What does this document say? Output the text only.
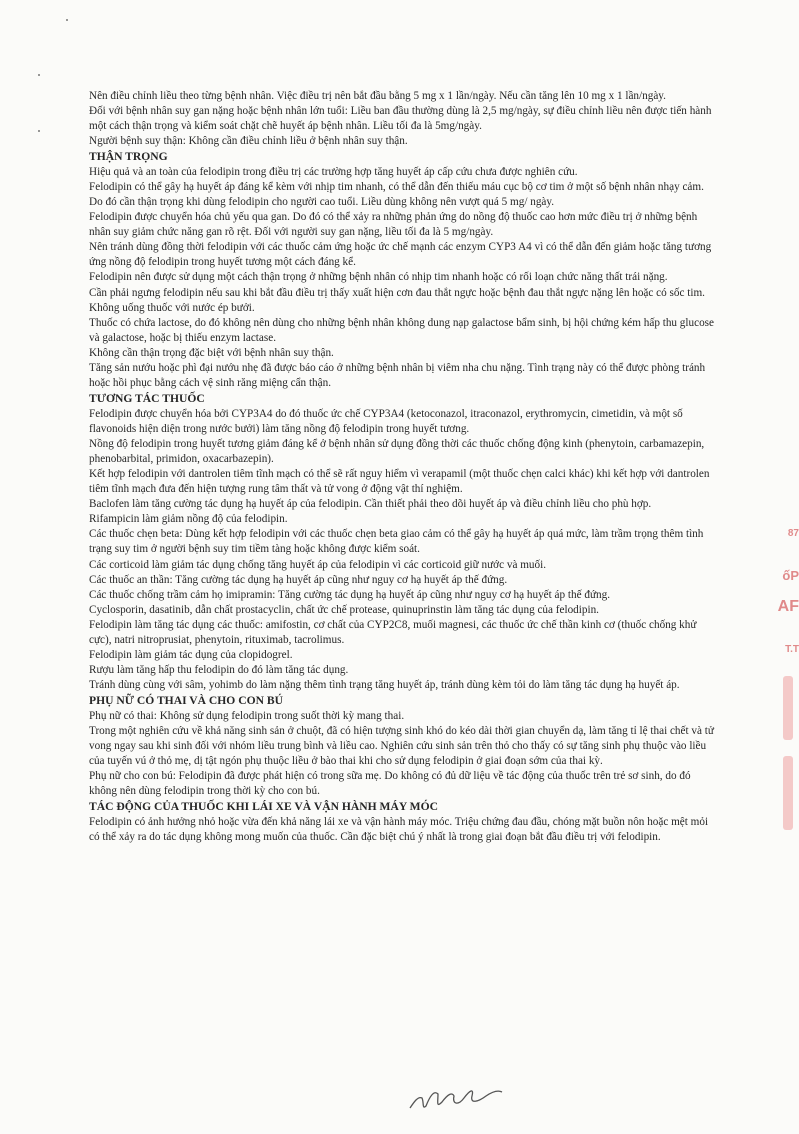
Nên điều chỉnh liều theo từng bệnh nhân. Việc điều trị nên bắt đầu bằng 5 mg x 1 lần/ngày. Nếu cần tăng lên 10 mg x 1 lần/ngày.

Đối với bệnh nhân suy gan nặng hoặc bệnh nhân lớn tuổi: Liều ban đầu thường dùng là 2,5 mg/ngày, sự điều chỉnh liều nên được tiến hành một cách thận trọng và kiểm soát chặt chẽ huyết áp bệnh nhân. Liều tối đa là 5mg/ngày.

Người bệnh suy thận: Không cần điều chỉnh liều ở bệnh nhân suy thận.

THẬN TRỌNG

Hiệu quả và an toàn của felodipin trong điều trị các trường hợp tăng huyết áp cấp cứu chưa được nghiên cứu.

Felodipin có thể gây hạ huyết áp đáng kể kèm với nhịp tim nhanh, có thể dẫn đến thiếu máu cục bộ cơ tim ở một số bệnh nhân nhạy cảm. Do đó cần thận trọng khi dùng felodipin cho người cao tuổi. Liều dùng không nên vượt quá 5 mg/ ngày.

Felodipin được chuyển hóa chủ yếu qua gan. Do đó có thể xảy ra những phản ứng do nồng độ thuốc cao hơn mức điều trị ở những bệnh nhân suy giảm chức năng gan rõ rệt. Đối với người suy gan nặng, liều tối đa là 5 mg/ngày.

Nên tránh dùng đồng thời felodipin với các thuốc cảm ứng hoặc ức chế mạnh các enzym CYP3 A4 vì có thể dẫn đến giảm hoặc tăng tương ứng nồng độ felodipin trong huyết tương một cách đáng kể.

Felodipin nên được sử dụng một cách thận trọng ở những bệnh nhân có nhịp tim nhanh hoặc có rối loạn chức năng thất trái nặng.

Cần phải ngưng felodipin nếu sau khi bắt đầu điều trị thấy xuất hiện cơn đau thắt ngực hoặc bệnh đau thắt ngực nặng lên hoặc có sốc tim.

Không uống thuốc với nước ép bưởi.

Thuốc có chứa lactose, do đó không nên dùng cho những bệnh nhân không dung nạp galactose bẩm sinh, bị hội chứng kém hấp thu glucose và galactose, hoặc bị thiếu enzym lactase.

Không cần thận trọng đặc biệt với bệnh nhân suy thận.

Tăng sản nướu hoặc phì đại nướu nhẹ đã được báo cáo ở những bệnh nhân bị viêm nha chu nặng. Tình trạng này có thể được phòng tránh hoặc hồi phục bằng cách vệ sinh răng miệng cẩn thận.

TƯƠNG TÁC THUỐC

Felodipin được chuyển hóa bởi CYP3A4 do đó thuốc ức chế CYP3A4 (ketoconazol, itraconazol, erythromycin, cimetidin, và một số flavonoids hiện diện trong nước bưởi) làm tăng nồng độ felodipin trong huyết tương.

Nồng độ felodipin trong huyết tương giảm đáng kể ở bệnh nhân sử dụng đồng thời các thuốc chống động kinh (phenytoin, carbamazepin, phenobarbital, primidon, oxacarbazepin).

Kết hợp felodipin với dantrolen tiêm tĩnh mạch có thể sẽ rất nguy hiểm vì verapamil (một thuốc chẹn calci khác) khi kết hợp với dantrolen tiêm tĩnh mạch đưa đến hiện tượng rung tâm thất và tử vong ở động vật thí nghiệm.

Baclofen làm tăng cường tác dụng hạ huyết áp của felodipin. Cần thiết phải theo dõi huyết áp và điều chỉnh liều cho phù hợp.

Rifampicin làm giảm nồng độ của felodipin.

Các thuốc chẹn beta: Dùng kết hợp felodipin với các thuốc chẹn beta giao cảm có thể gây hạ huyết áp quá mức, làm trầm trọng thêm tình trạng suy tim ở người bệnh suy tim tiềm tàng hoặc không được kiểm soát.

Các corticoid làm giảm tác dụng chống tăng huyết áp của felodipin vì các corticoid giữ nước và muối.

Các thuốc an thần: Tăng cường tác dụng hạ huyết áp cũng như nguy cơ hạ huyết áp thế đứng.

Các thuốc chống trầm cảm họ imipramin: Tăng cường tác dụng hạ huyết áp cũng như nguy cơ hạ huyết áp thế đứng.

Cyclosporin, dasatinib, dẫn chất prostacyclin, chất ức chế protease, quinuprinstin làm tăng tác dụng của felodipin.

Felodipin làm tăng tác dụng các thuốc: amifostin, cơ chất của CYP2C8, muối magnesi, các thuốc ức chế thần kinh cơ (thuốc chống khử cực), natri nitroprusiat, phenytoin, rituximab, tacrolimus.

Felodipin làm giảm tác dụng của clopidogrel.

Rượu làm tăng hấp thu felodipin do đó làm tăng tác dụng.

Tránh dùng cùng với sâm, yohimb do làm nặng thêm tình trạng tăng huyết áp, tránh dùng kèm tỏi do làm tăng tác dụng hạ huyết áp.

PHỤ NỮ CÓ THAI VÀ CHO CON BÚ

Phụ nữ có thai: Không sử dụng felodipin trong suốt thời kỳ mang thai.

Trong một nghiên cứu về khả năng sinh sản ở chuột, đã có hiện tượng sinh khó do kéo dài thời gian chuyển dạ, làm tăng tỉ lệ thai chết và tử vong ngay sau khi sinh đối với nhóm liều trung bình và liều cao. Nghiên cứu sinh sản trên thỏ cho thấy có sự tăng sinh phụ thuộc vào liều của tuyến vú ở thỏ mẹ, dị tật ngón phụ thuộc liều ở bào thai khi cho sử dụng felodipin ở giai đoạn sớm của thai kỳ.

Phụ nữ cho con bú: Felodipin đã được phát hiện có trong sữa mẹ. Do không có đủ dữ liệu về tác động của thuốc trên trẻ sơ sinh, do đó không nên dùng felodipin trong thời kỳ cho con bú.

TÁC ĐỘNG CỦA THUỐC KHI LÁI XE VÀ VẬN HÀNH MÁY MÓC

Felodipin có ảnh hưởng nhỏ hoặc vừa đến khả năng lái xe và vận hành máy móc. Triệu chứng đau đầu, chóng mặt buồn nôn hoặc mệt mỏi có thể xảy ra do tác dụng không mong muốn của thuốc. Cần đặc biệt chú ý nhất là trong giai đoạn bắt đầu điều trị với felodipin.

87
ốP
AF
T.T
